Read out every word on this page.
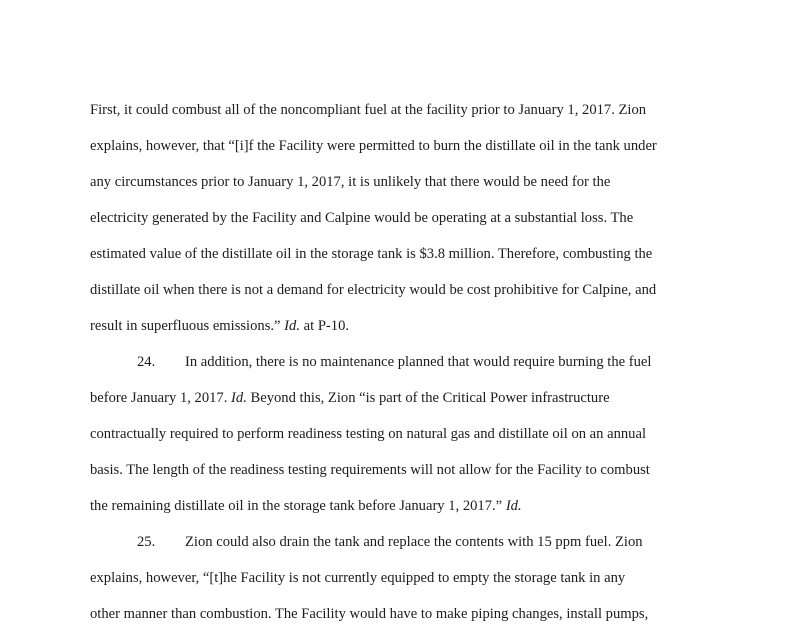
First, it could combust all of the noncompliant fuel at the facility prior to January 1, 2017. Zion
explains, however, that “[i]f the Facility were permitted to burn the distillate oil in the tank under
any circumstances prior to January 1, 2017, it is unlikely that there would be need for the
electricity generated by the Facility and Calpine would be operating at a substantial loss. The
estimated value of the distillate oil in the storage tank is $3.8 million. Therefore, combusting the
distillate oil when there is not a demand for electricity would be cost prohibitive for Calpine, and
result in superfluous emissions.” Id. at P-10.
24. In addition, there is no maintenance planned that would require burning the fuel
before January 1, 2017. Id. Beyond this, Zion “is part of the Critical Power infrastructure
contractually required to perform readiness testing on natural gas and distillate oil on an annual
basis. The length of the readiness testing requirements will not allow for the Facility to combust
the remaining distillate oil in the storage tank before January 1, 2017.” Id.
25. Zion could also drain the tank and replace the contents with 15 ppm fuel. Zion
explains, however, “[t]he Facility is not currently equipped to empty the storage tank in any
other manner than combustion. The Facility would have to make piping changes, install pumps,
